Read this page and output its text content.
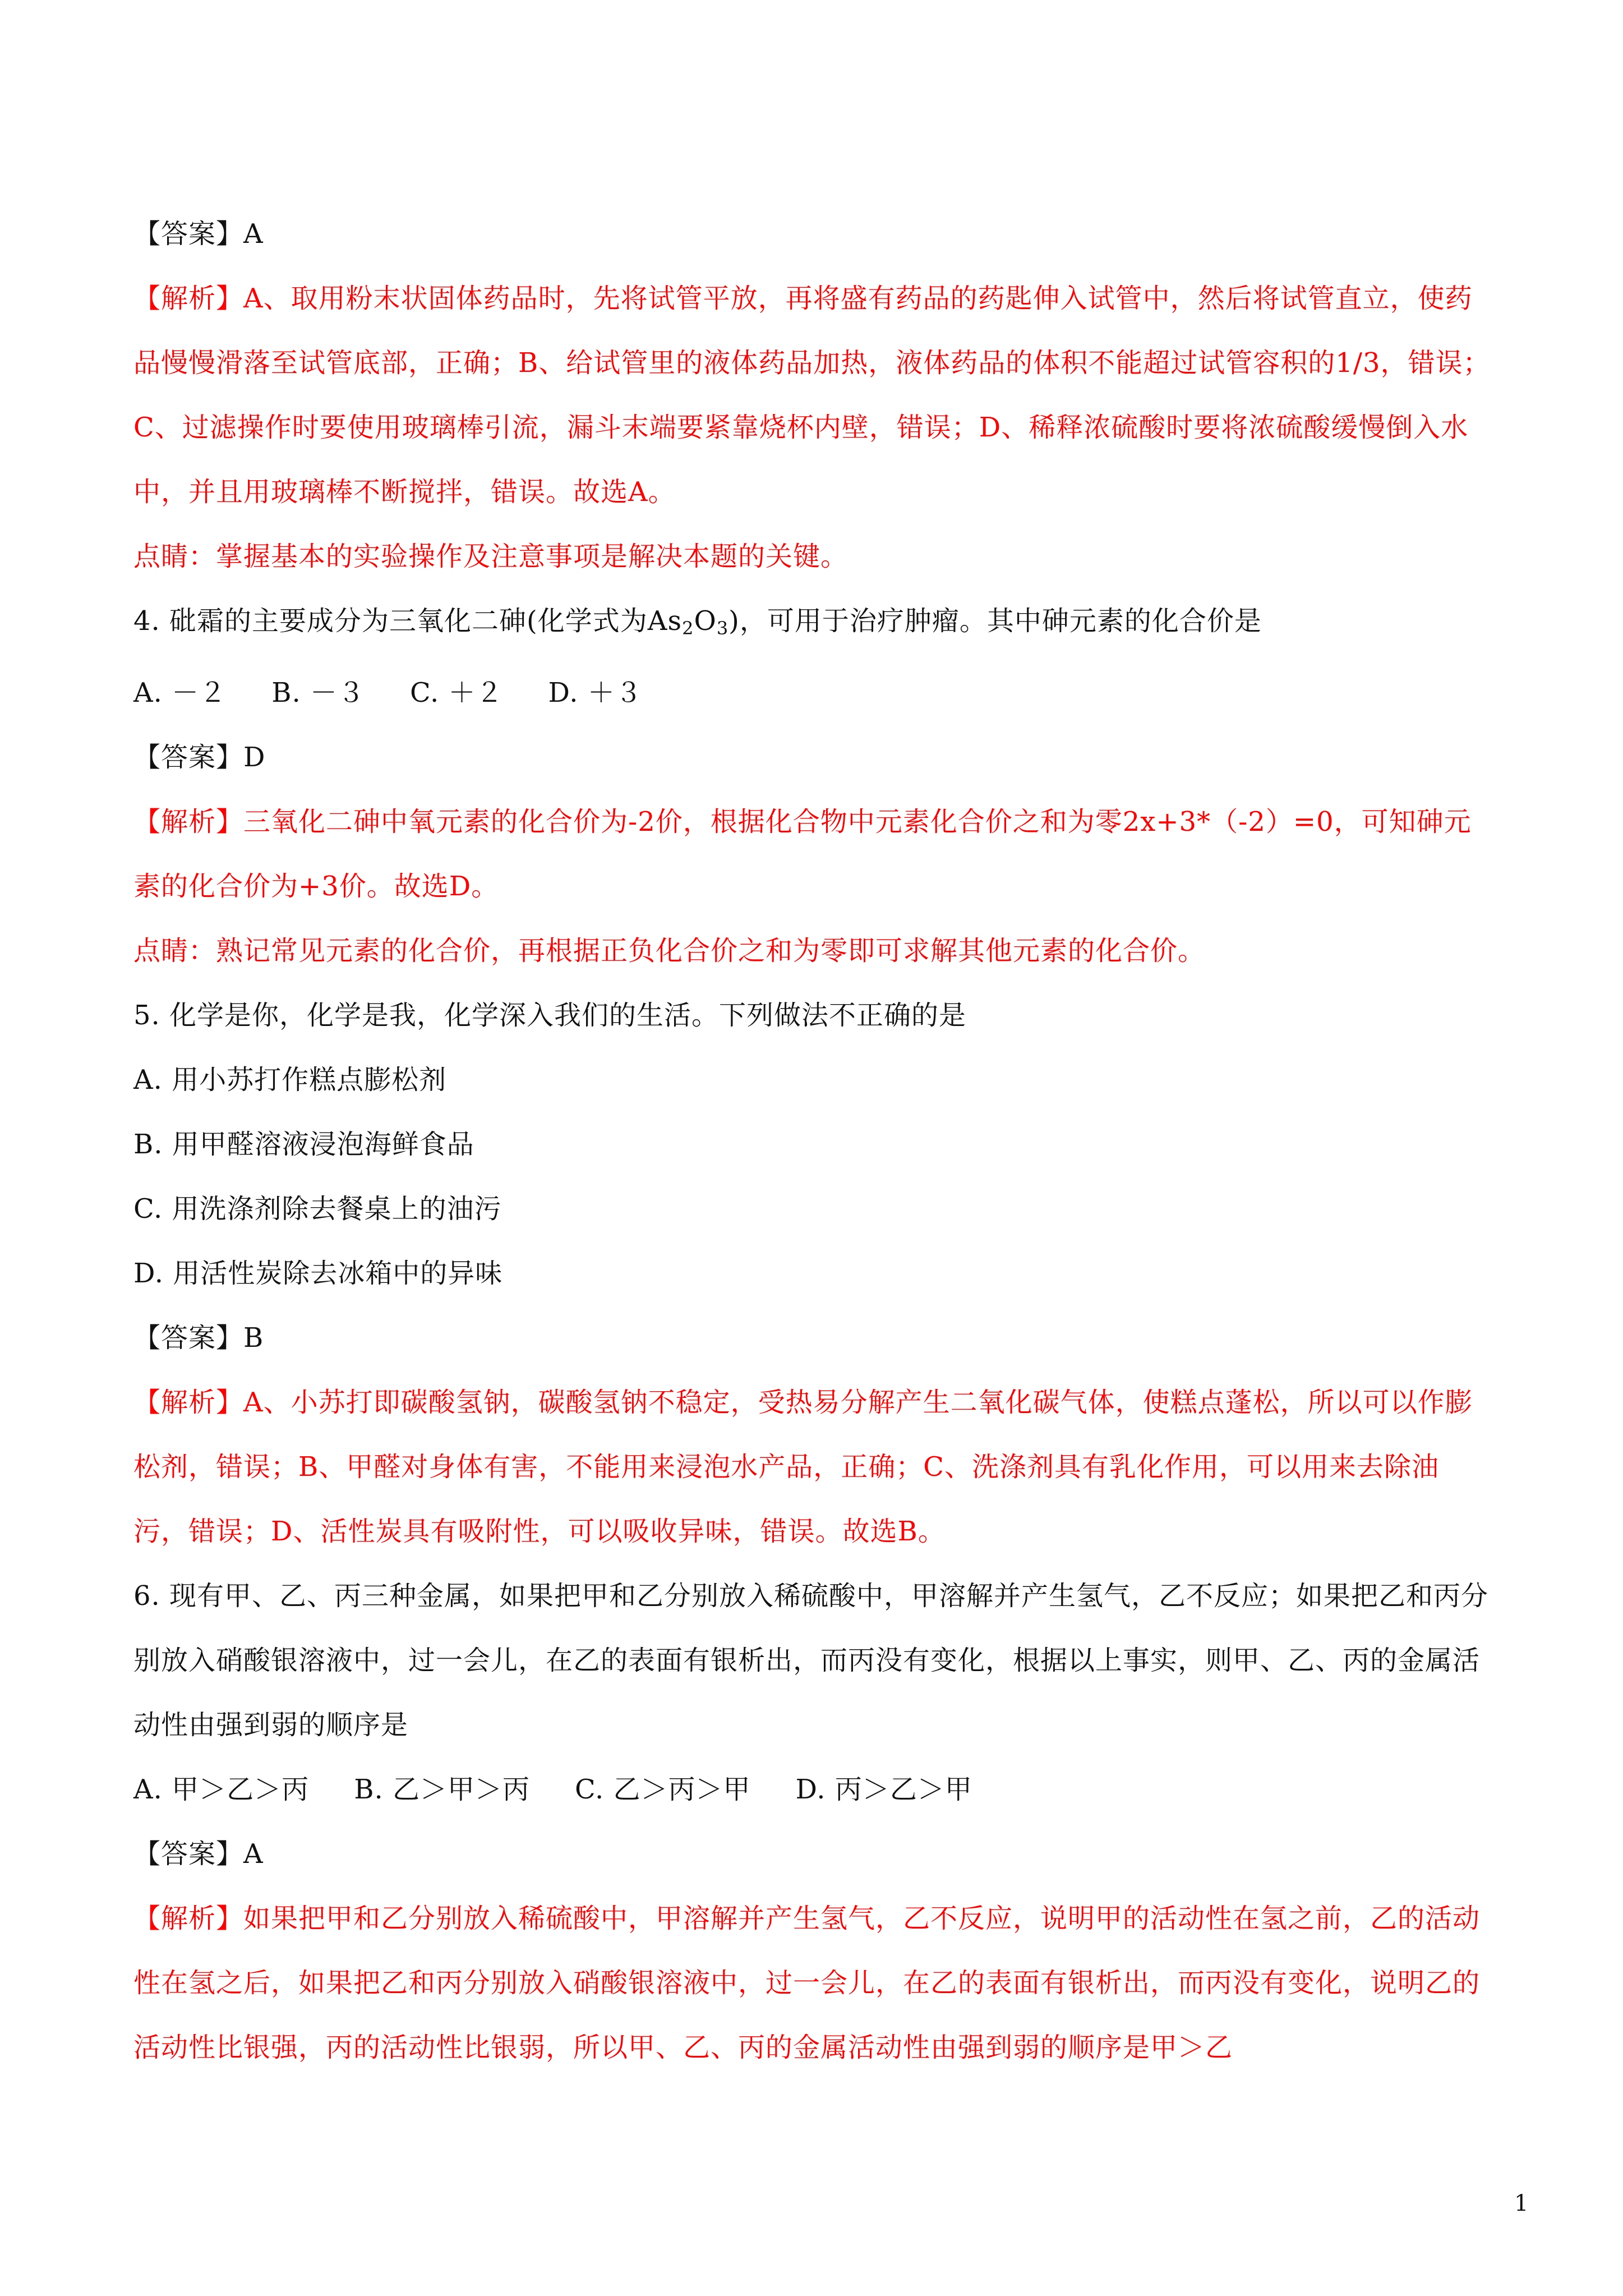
【答案】A

【解析】A、取用粉末状固体药品时，先将试管平放，再将盛有药品的药匙伸入试管中，然后将试管直立，使药品慢慢滑落至试管底部，正确；B、给试管里的液体药品加热，液体药品的体积不能超过试管容积的1/3，错误；C、过滤操作时要使用玻璃棒引流，漏斗末端要紧靠烧杯内壁，错误；D、稀释浓硫酸时要将浓硫酸缓慢倒入水中，并且用玻璃棒不断搅拌，错误。故选A。

点睛：掌握基本的实验操作及注意事项是解决本题的关键。

4. 砒霜的主要成分为三氧化二砷(化学式为$As_2O_3$)，可用于治疗肿瘤。其中砷元素的化合价是

A. －２ B. －３ C. ＋２ D. ＋３

【答案】D

【解析】三氧化二砷中氧元素的化合价为-2价，根据化合物中元素化合价之和为零2x+3*（-2）=0，可知砷元素的化合价为+3价。故选D。

点睛：熟记常见元素的化合价，再根据正负化合价之和为零即可求解其他元素的化合价。

5. 化学是你，化学是我，化学深入我们的生活。下列做法不正确的是

A. 用小苏打作糕点膨松剂

B. 用甲醛溶液浸泡海鲜食品

C. 用洗涤剂除去餐桌上的油污

D. 用活性炭除去冰箱中的异味

【答案】B

【解析】A、小苏打即碳酸氢钠，碳酸氢钠不稳定，受热易分解产生二氧化碳气体，使糕点蓬松，所以可以作膨松剂，错误；B、甲醛对身体有害，不能用来浸泡水产品，正确；C、洗涤剂具有乳化作用，可以用来去除油污，错误；D、活性炭具有吸附性，可以吸收异味，错误。故选B。

6. 现有甲、乙、丙三种金属，如果把甲和乙分别放入稀硫酸中，甲溶解并产生氢气，乙不反应；如果把乙和丙分别放入硝酸银溶液中，过一会儿，在乙的表面有银析出，而丙没有变化，根据以上事实，则甲、乙、丙的金属活动性由强到弱的顺序是

A. 甲＞乙＞丙 B. 乙＞甲＞丙 C. 乙＞丙＞甲 D. 丙＞乙＞甲

【答案】A

【解析】如果把甲和乙分别放入稀硫酸中，甲溶解并产生氢气，乙不反应，说明甲的活动性在氢之前，乙的活动性在氢之后，如果把乙和丙分别放入硝酸银溶液中，过一会儿，在乙的表面有银析出，而丙没有变化，说明乙的活动性比银强，丙的活动性比银弱，所以甲、乙、丙的金属活动性由强到弱的顺序是甲＞乙

1
